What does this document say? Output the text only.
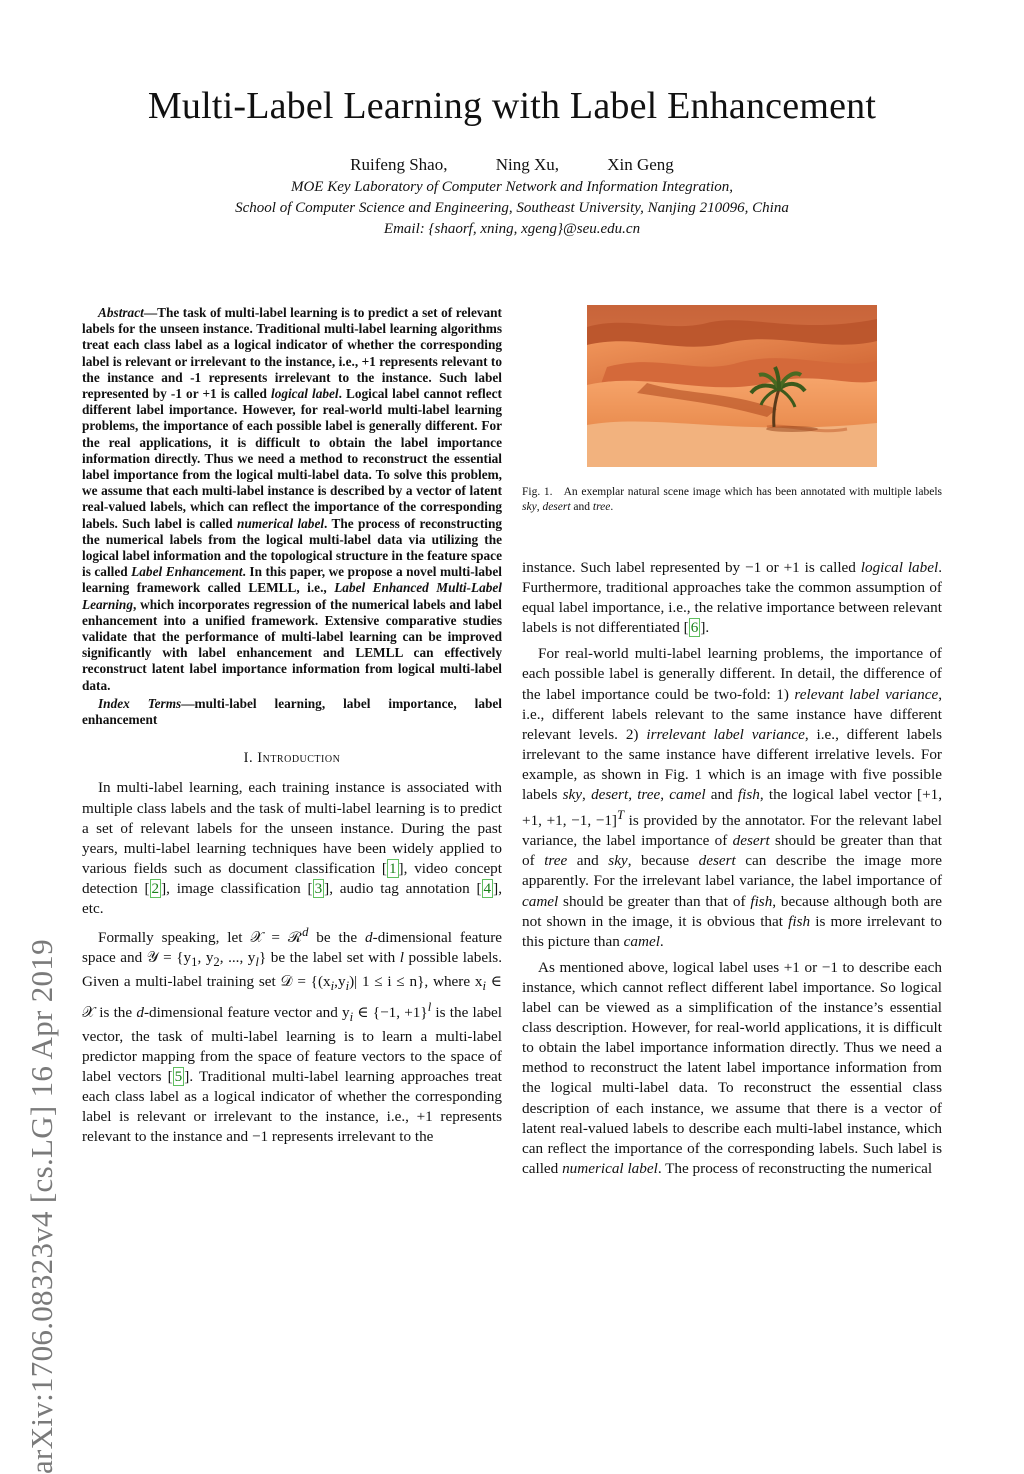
Multi-Label Learning with Label Enhancement
Ruifeng Shao,	Ning Xu,	Xin Geng
MOE Key Laboratory of Computer Network and Information Integration,
School of Computer Science and Engineering, Southeast University, Nanjing 210096, China
Email: {shaorf, xning, xgeng}@seu.edu.cn
arXiv:1706.08323v4 [cs.LG] 16 Apr 2019

Abstract—The task of multi-label learning is to predict a set of relevant labels for the unseen instance. Traditional multi-label learning algorithms treat each class label as a logical indicator of whether the corresponding label is relevant or irrelevant to the instance, i.e., +1 represents relevant to the instance and -1 represents irrelevant to the instance. Such label represented by -1 or +1 is called logical label. Logical label cannot reflect different label importance. However, for real-world multi-label learning problems, the importance of each possible label is generally different. For the real applications, it is difficult to obtain the label importance information directly. Thus we need a method to reconstruct the essential label importance from the logical multi-label data. To solve this problem, we assume that each multi-label instance is described by a vector of latent real-valued labels, which can reflect the importance of the corresponding labels. Such label is called numerical label. The process of reconstructing the numerical labels from the logical multi-label data via utilizing the logical label information and the topological structure in the feature space is called Label Enhancement. In this paper, we propose a novel multi-label learning framework called LEMLL, i.e., Label Enhanced Multi-Label Learning, which incorporates regression of the numerical labels and label enhancement into a unified framework. Extensive comparative studies validate that the performance of multi-label learning can be improved significantly with label enhancement and LEMLL can effectively reconstruct latent label importance information from logical multi-label data.

Index Terms—multi-label learning, label importance, label enhancement

I. Introduction

In multi-label learning, each training instance is associated with multiple class labels and the task of multi-label learning is to predict a set of relevant labels for the unseen instance. During the past years, multi-label learning techniques have been widely applied to various fields such as document classification [ 1 ], video concept detection [ 2 ], image classification [ 3 ], audio tag annotation [ 4 ], etc.

Formally speaking, let 𝒳 = ℛ$^d$ be the d-dimensional feature space and 𝒴 = {$y_1$, $y_2$, ..., $y_l$} be the label set with l possible labels. Given a multi-label training set 𝒟 = {$(x_i,y_i)|$ 1 ≤ i ≤ n}, where $x_i$ ∈ 𝒳 is the d-dimensional feature vector and $y_i$ ∈ {−1, +1}$^l$ is the label vector, the task of multi-label learning is to learn a multi-label predictor mapping from the space of feature vectors to the space of label vectors [ 5 ]. Traditional multi-label learning approaches treat each class label as a logical indicator of whether the corresponding label is relevant or irrelevant to the instance, i.e., +1 represents relevant to the instance and −1 represents irrelevant to the

Fig. 1. An exemplar natural scene image which has been annotated with multiple labels sky, desert and tree.

instance. Such label represented by −1 or +1 is called logical label. Furthermore, traditional approaches take the common assumption of equal label importance, i.e., the relative importance between relevant labels is not differentiated [ 6 ].

For real-world multi-label learning problems, the importance of each possible label is generally different. In detail, the difference of the label importance could be two-fold: 1) relevant label variance, i.e., different labels relevant to the same instance have different relevant levels. 2) irrelevant label variance, i.e., different labels irrelevant to the same instance have different irrelative levels. For example, as shown in Fig. 1 which is an image with five possible labels sky, desert, tree, camel and fish, the logical label vector [+1, +1, +1, −1, −1]$^T$ is provided by the annotator. For the relevant label variance, the label importance of desert should be greater than that of tree and sky, because desert can describe the image more apparently. For the irrelevant label variance, the label importance of camel should be greater than that of fish, because although both are not shown in the image, it is obvious that fish is more irrelevant to this picture than camel.

As mentioned above, logical label uses +1 or −1 to describe each instance, which cannot reflect different label importance. So logical label can be viewed as a simplification of the instance’s essential class description. However, for real-world applications, it is difficult to obtain the label importance information directly. Thus we need a method to reconstruct the latent label importance information from the logical multi-label data. To reconstruct the essential class description of each instance, we assume that there is a vector of latent real-valued labels to describe each multi-label instance, which can reflect the importance of the corresponding labels. Such label is called numerical label. The process of reconstructing the numerical
